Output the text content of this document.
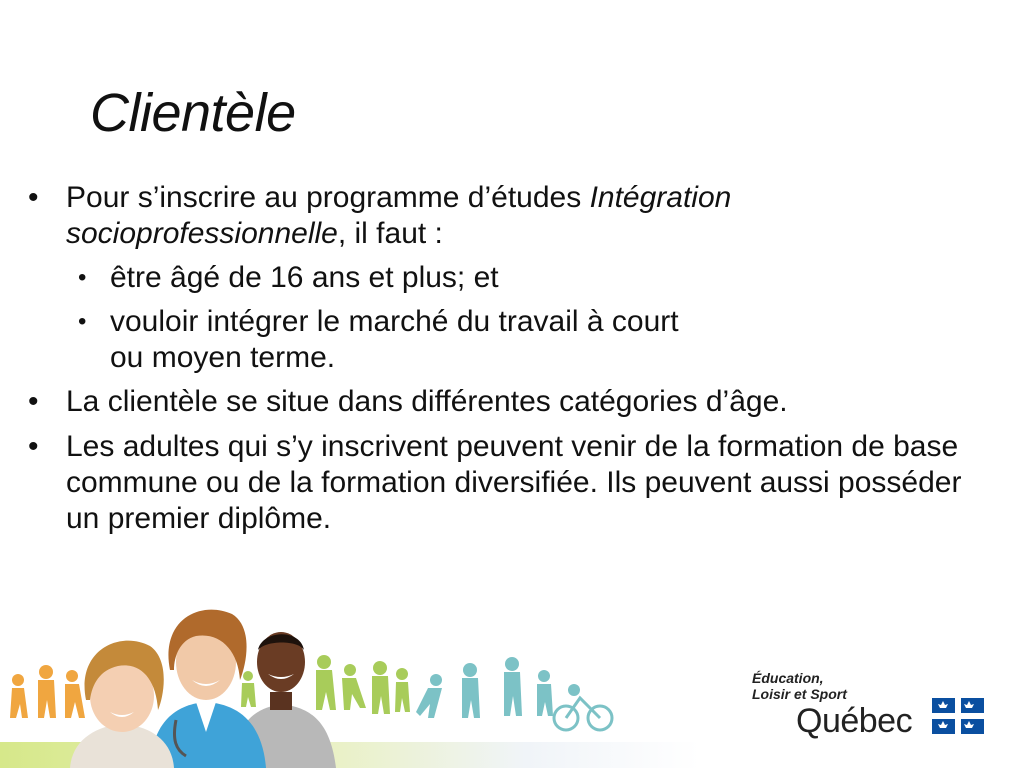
Clientèle
• Pour s’inscrire au programme d’études Intégration socioprofessionnelle, il faut :
• être âgé de 16 ans et plus; et
• vouloir intégrer le marché du travail à court
ou moyen terme.
• La clientèle se situe dans différentes catégories d’âge.
• Les adultes qui s’y inscrivent peuvent venir de la formation de base commune ou de la formation diversifiée. Ils peuvent aussi posséder un premier diplôme.
Éducation,
Loisir et Sport
Québec
